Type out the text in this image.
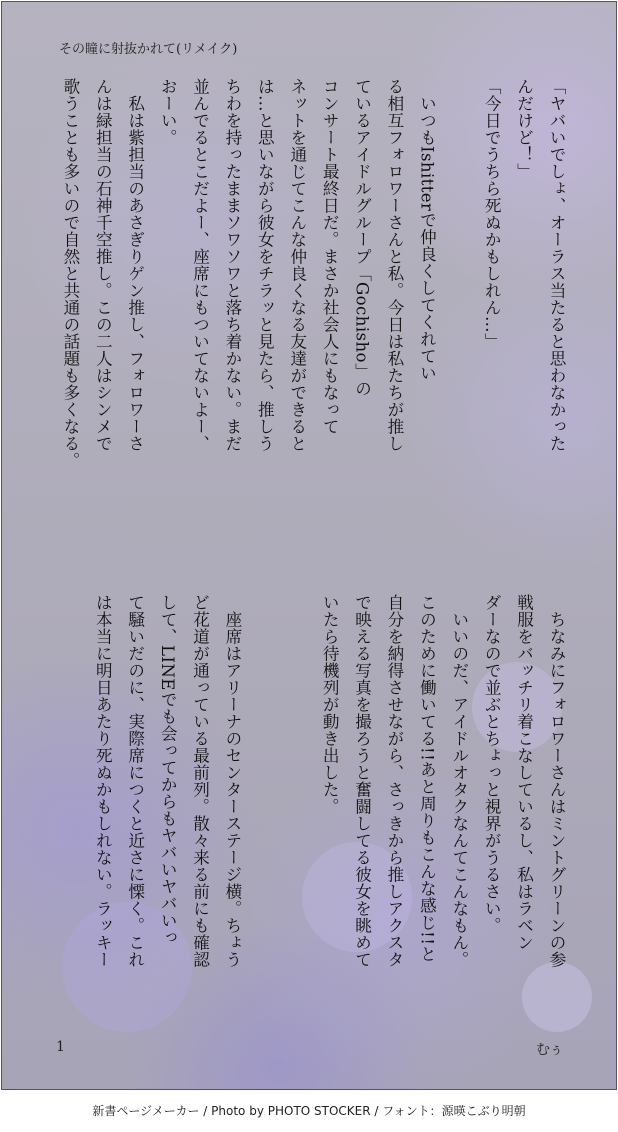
その瞳に射抜かれて(リメイク)
「ヤバいでしょ、オーラス当たると思わなかった
んだけど！」
「今日でうちら死ぬかもしれん…」

　いつもIshitterで仲良くしてくれてい
る相互フォロワーさんと私。今日は私たちが推し
ているアイドルグループ「Gochisho」の
コンサート最終日だ。まさか社会人にもなって
ネットを通じてこんな仲良くなる友達ができると
は…と思いながら彼女をチラッと見たら、推しう
ちわを持ったままソワソワと落ち着かない。まだ
並んでるとこだよー、座席にもついてないよー、
おーい。
　私は紫担当のあさぎりゲン推し、フォロワーさ
んは緑担当の石神千空推し。この二人はシンメで
歌うことも多いので自然と共通の話題も多くなる。
　ちなみにフォロワーさんはミントグリーンの参
戦服をバッチリ着こなしているし、私はラベン
ダーなので並ぶとちょっと視界がうるさい。
　いいのだ、アイドルオタクなんてこんなもん。
このために働いてる!!あと周りもこんな感じ!!と
自分を納得させながら、さっきから推しアクスタ
で映える写真を撮ろうと奮闘してる彼女を眺めて
いたら待機列が動き出した。

　座席はアリーナのセンターステージ横。ちょう
ど花道が通っている最前列。散々来る前にも確認
して、LINEでも会ってからもヤバいヤバいっ
て騒いだのに、実際席につくと近さに慄く。これ
は本当に明日あたり死ぬかもしれない。ラッキー
1	むぅ
新書ページメーカー / Photo by PHOTO STOCKER / フォント：源暎こぶり明朝
